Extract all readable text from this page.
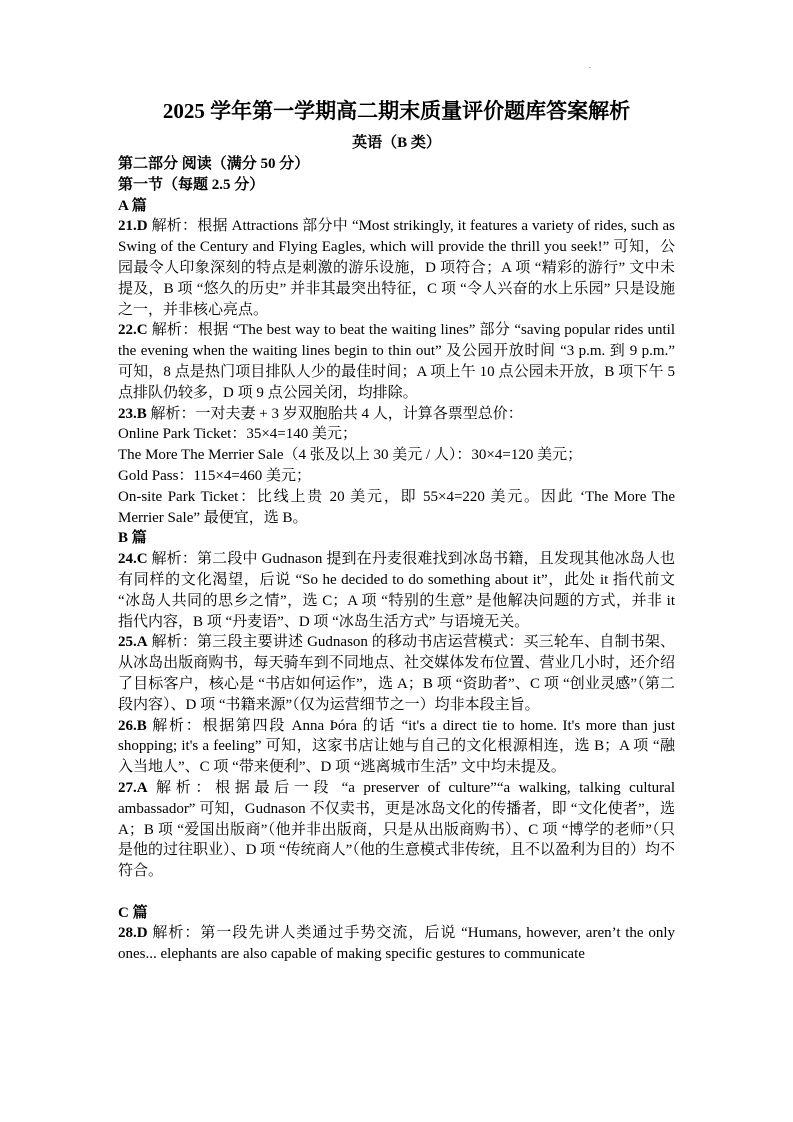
2025 学年第一学期高二期末质量评价题库答案解析
英语（B 类）

第二部分 阅读（满分 50 分）

第一节（每题 2.5 分）

A 篇

21.D 解析：根据 Attractions 部分中 “Most strikingly, it features a variety of rides, such as Swing of the Century and Flying Eagles, which will provide the thrill you seek!” 可知，公园最令人印象深刻的特点是刺激的游乐设施，D 项符合；A 项 “精彩的游行” 文中未提及，B 项 “悠久的历史” 并非其最突出特征，C 项 “令人兴奋的水上乐园” 只是设施之一，并非核心亮点。

22.C 解析：根据 “The best way to beat the waiting lines” 部分 “saving popular rides until the evening when the waiting lines begin to thin out” 及公园开放时间 “3 p.m. 到 9 p.m.” 可知，8 点是热门项目排队人少的最佳时间；A 项上午 10 点公园未开放，B 项下午 5 点排队仍较多，D 项 9 点公园关闭，均排除。

23.B 解析：一对夫妻 + 3 岁双胞胎共 4 人，计算各票型总价：

Online Park Ticket：35×4=140 美元；

The More The Merrier Sale（4 张及以上 30 美元 / 人）：30×4=120 美元；

Gold Pass：115×4=460 美元；

On-site Park Ticket：比线上贵 20 美元，即 55×4=220 美元。因此 ‘The More The Merrier Sale” 最便宜，选 B。

B 篇

24.C 解析：第二段中 Gudnason 提到在丹麦很难找到冰岛书籍，且发现其他冰岛人也有同样的文化渴望，后说 “So he decided to do something about it”，此处 it 指代前文 “冰岛人共同的思乡之情”，选 C；A 项 “特别的生意” 是他解决问题的方式，并非 it 指代内容，B 项 “丹麦语”、D 项 “冰岛生活方式” 与语境无关。

25.A 解析：第三段主要讲述 Gudnason 的移动书店运营模式：买三轮车、自制书架、从冰岛出版商购书，每天骑车到不同地点、社交媒体发布位置、营业几小时，还介绍了目标客户，核心是 “书店如何运作”，选 A；B 项 “资助者”、C 项 “创业灵感”（第二段内容）、D 项 “书籍来源”（仅为运营细节之一）均非本段主旨。

26.B 解析：根据第四段 Anna Þóra 的话 “it's a direct tie to home. It's more than just shopping; it's a feeling” 可知，这家书店让她与自己的文化根源相连，选 B；A 项 “融入当地人”、C 项 “带来便利”、D 项 “逃离城市生活” 文中均未提及。

27.A 解析：根据最后一段 “a preserver of culture”“a walking, talking cultural ambassador” 可知，Gudnason 不仅卖书，更是冰岛文化的传播者，即 “文化使者”，选 A；B 项 “爱国出版商”（他并非出版商，只是从出版商购书）、C 项 “博学的老师”（只是他的过往职业）、D 项 “传统商人”（他的生意模式非传统，且不以盈利为目的）均不符合。

C 篇

28.D 解析：第一段先讲人类通过手势交流，后说 “Humans, however, aren’t the only ones... elephants are also capable of making specific gestures to communicate
